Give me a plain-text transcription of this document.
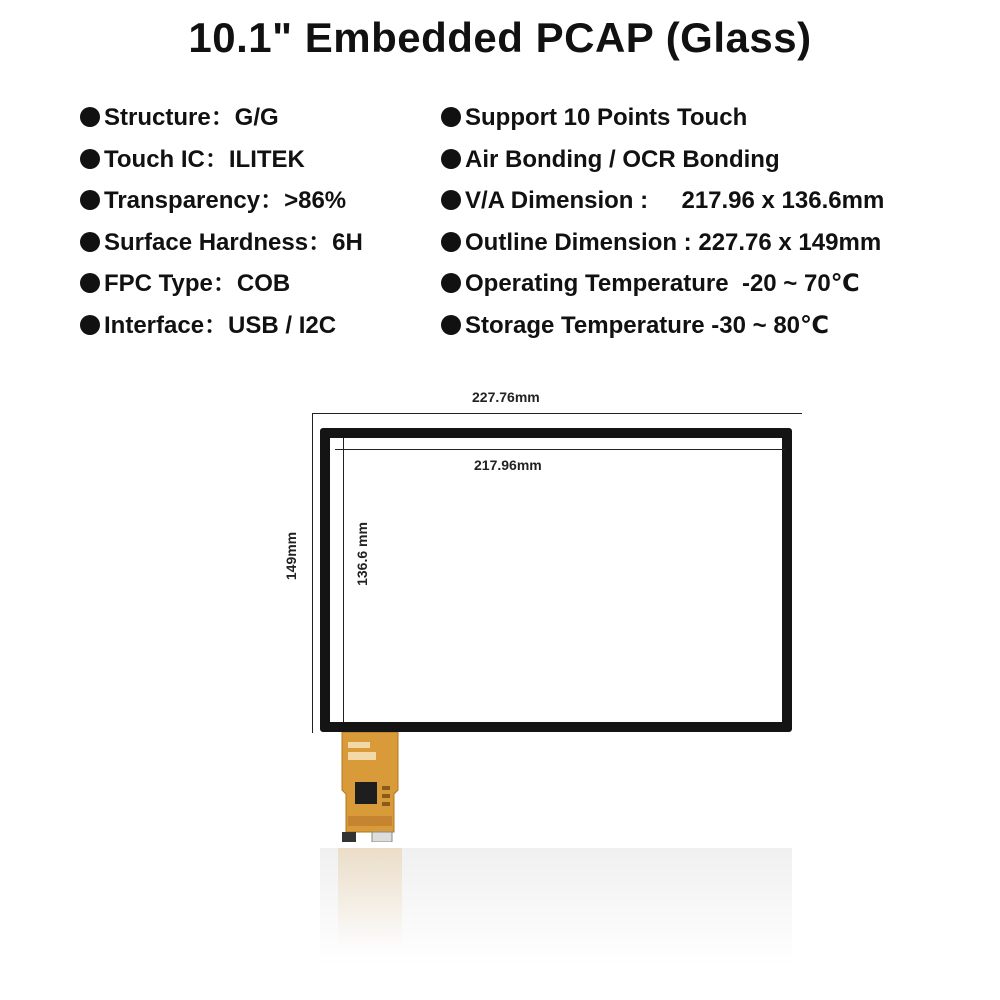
10.1" Embedded PCAP (Glass)
Structure：G/G
Touch IC：ILITEK
Transparency：>86%
Surface Hardness：6H
FPC Type：COB
Interface：USB / I2C
Support 10 Points Touch
Air Bonding / OCR Bonding
V/A Dimension :     217.96 x 136.6mm
Outline Dimension : 227.76 x 149mm
Operating Temperature  -20 ~ 70℃
Storage Temperature -30 ~ 80℃
227.76mm
149mm
217.96mm
136.6 mm
